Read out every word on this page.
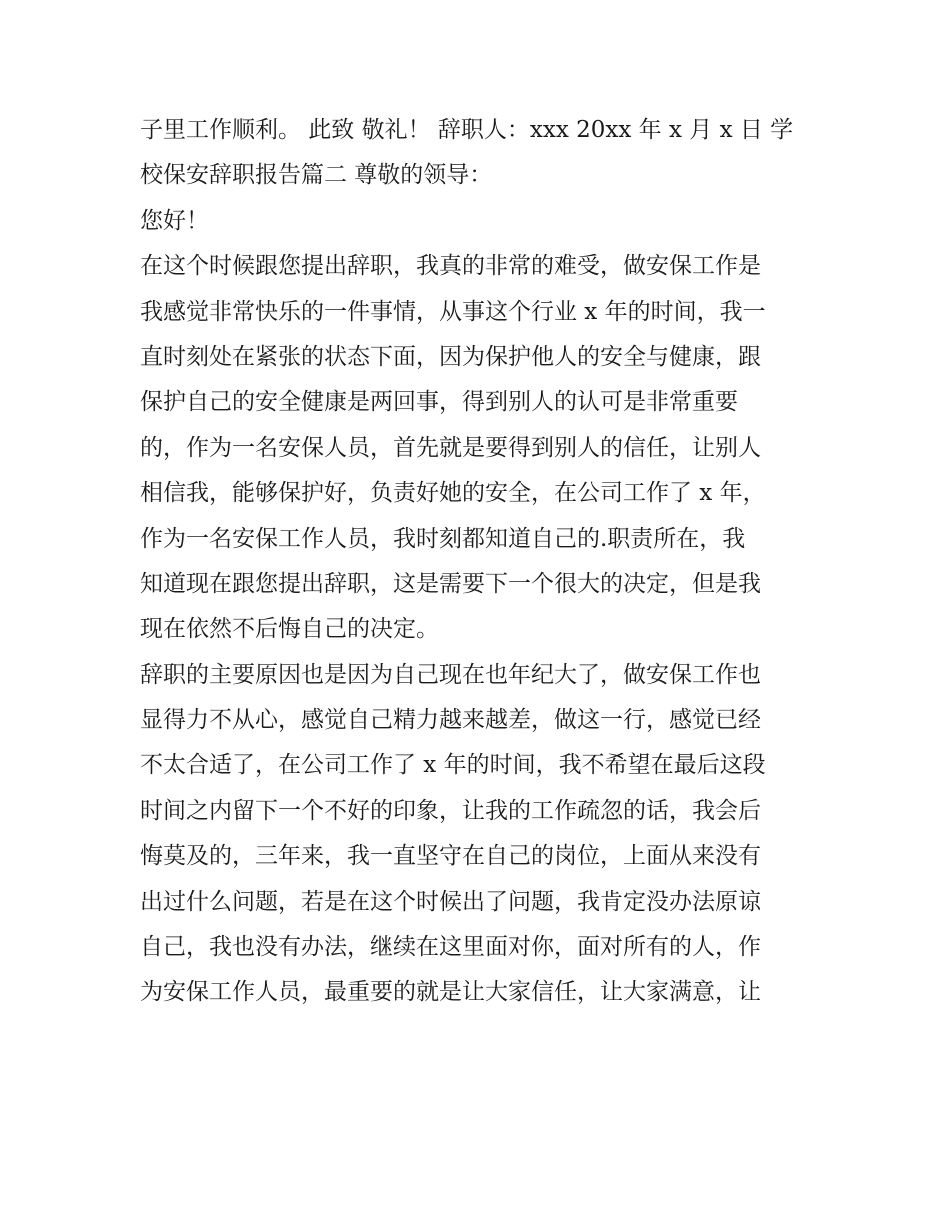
子里工作顺利。 此致 敬礼！ 辞职人：xxx 20xx 年 x 月 x 日 学
校保安辞职报告篇二 尊敬的领导：
您好！
在这个时候跟您提出辞职，我真的非常的难受，做安保工作是
我感觉非常快乐的一件事情，从事这个行业 x 年的时间，我一
直时刻处在紧张的状态下面，因为保护他人的安全与健康，跟
保护自己的安全健康是两回事，得到别人的认可是非常重要
的，作为一名安保人员，首先就是要得到别人的信任，让别人
相信我，能够保护好，负责好她的安全，在公司工作了 x 年，
作为一名安保工作人员，我时刻都知道自己的.职责所在，我
知道现在跟您提出辞职，这是需要下一个很大的决定，但是我
现在依然不后悔自己的决定。
辞职的主要原因也是因为自己现在也年纪大了，做安保工作也
显得力不从心，感觉自己精力越来越差，做这一行，感觉已经
不太合适了，在公司工作了 x 年的时间，我不希望在最后这段
时间之内留下一个不好的印象，让我的工作疏忽的话，我会后
悔莫及的，三年来，我一直坚守在自己的岗位，上面从来没有
出过什么问题，若是在这个时候出了问题，我肯定没办法原谅
自己，我也没有办法，继续在这里面对你，面对所有的人，作
为安保工作人员，最重要的就是让大家信任，让大家满意，让
